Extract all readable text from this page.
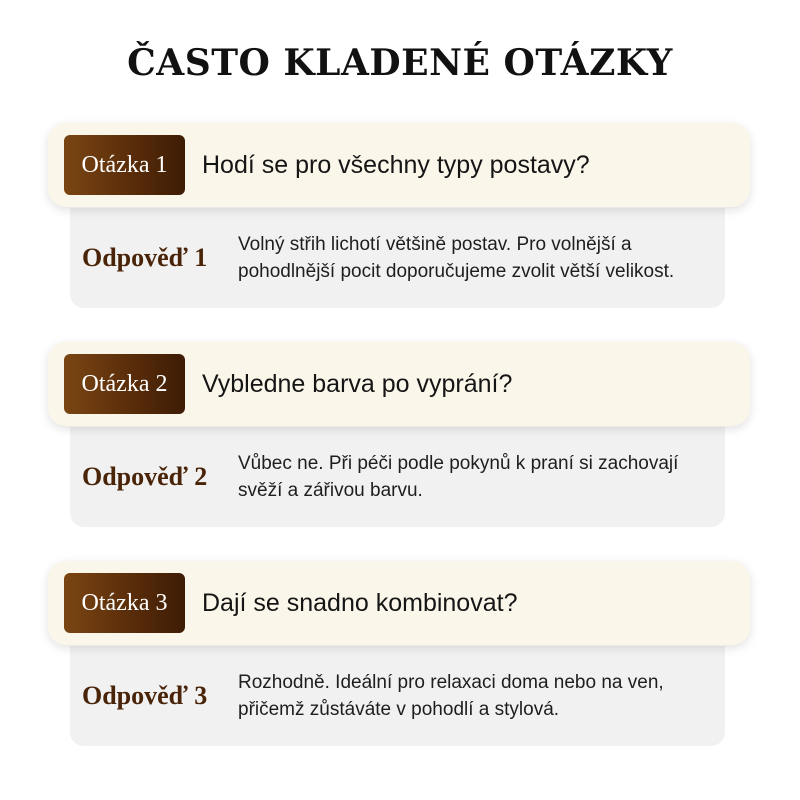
ČASTO KLADENÉ OTÁZKY
Odpověď 1 Volný střih lichotí většině postav. Pro volnější a pohodlnější pocit doporučujeme zvolit větší velikost.
Otázka 1	Hodí se pro všechny typy postavy?
Odpověď 2 Vůbec ne. Při péči podle pokynů k praní si zachovají svěží a zářivou barvu.
Otázka 2	Vybledne barva po vyprání?
Odpověď 3 Rozhodně. Ideální pro relaxaci doma nebo na ven, přičemž zůstáváte v pohodlí a stylová.
Otázka 3	Dají se snadno kombinovat?
